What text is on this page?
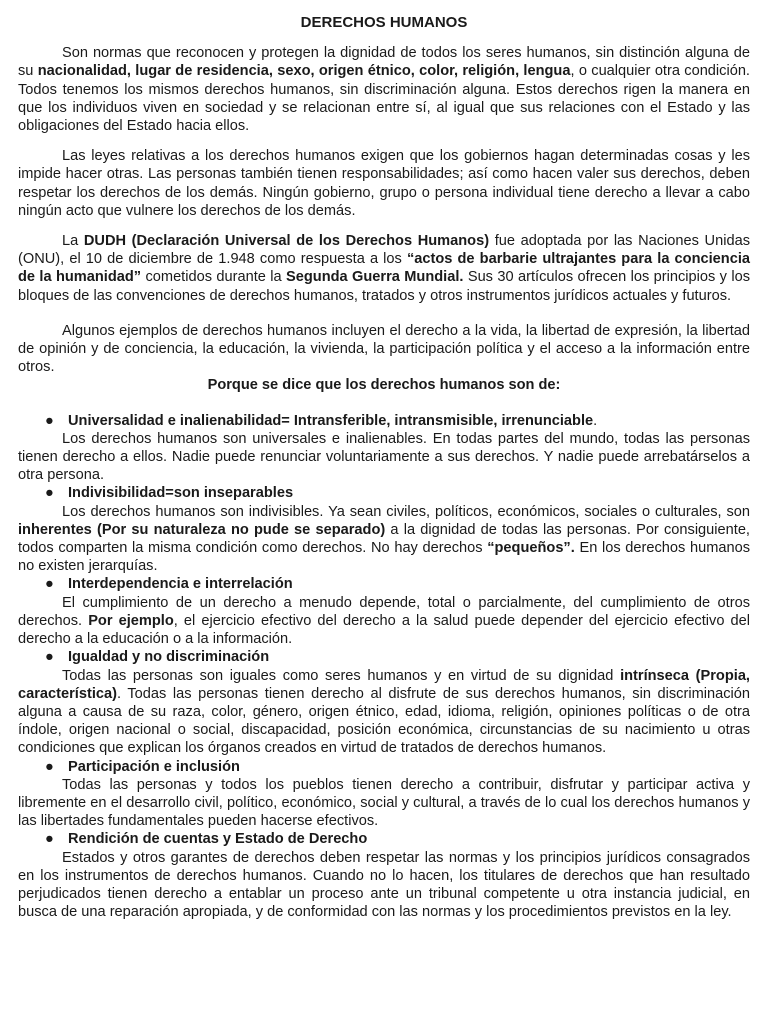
DERECHOS HUMANOS

Son normas que reconocen y protegen la dignidad de todos los seres humanos, sin distinción alguna de su nacionalidad, lugar de residencia, sexo, origen étnico, color, religión, lengua, o cualquier otra condición. Todos tenemos los mismos derechos humanos, sin discriminación alguna. Estos derechos rigen la manera en que los individuos viven en sociedad y se relacionan entre sí, al igual que sus relaciones con el Estado y las obligaciones del Estado hacia ellos.

Las leyes relativas a los derechos humanos exigen que los gobiernos hagan determinadas cosas y les impide hacer otras. Las personas también tienen responsabilidades; así como hacen valer sus derechos, deben respetar los derechos de los demás. Ningún gobierno, grupo o persona individual tiene derecho a llevar a cabo ningún acto que vulnere los derechos de los demás.

La DUDH (Declaración Universal de los Derechos Humanos) fue adoptada por las Naciones Unidas (ONU), el 10 de diciembre de 1.948 como respuesta a los “actos de barbarie ultrajantes para la conciencia de la humanidad” cometidos durante la Segunda Guerra Mundial. Sus 30 artículos ofrecen los principios y los bloques de las convenciones de derechos humanos, tratados y otros instrumentos jurídicos actuales y futuros.

Algunos ejemplos de derechos humanos incluyen el derecho a la vida, la libertad de expresión, la libertad de opinión y de conciencia, la educación, la vivienda, la participación política y el acceso a la información entre otros.

Porque se dice que los derechos humanos son de:
● Universalidad e inalienabilidad= Intransferible, intransmisible, irrenunciable.

Los derechos humanos son universales e inalienables. En todas partes del mundo, todas las personas tienen derecho a ellos. Nadie puede renunciar voluntariamente a sus derechos. Y nadie puede arrebatárselos a otra persona.

● Indivisibilidad=son inseparables

Los derechos humanos son indivisibles. Ya sean civiles, políticos, económicos, sociales o culturales, son inherentes (Por su naturaleza no pude se separado) a la dignidad de todas las personas. Por consiguiente, todos comparten la misma condición como derechos. No hay derechos “pequeños”. En los derechos humanos no existen jerarquías.

● Interdependencia e interrelación

El cumplimiento de un derecho a menudo depende, total o parcialmente, del cumplimiento de otros derechos. Por ejemplo, el ejercicio efectivo del derecho a la salud puede depender del ejercicio efectivo del derecho a la educación o a la información.

● Igualdad y no discriminación

Todas las personas son iguales como seres humanos y en virtud de su dignidad intrínseca (Propia, característica). Todas las personas tienen derecho al disfrute de sus derechos humanos, sin discriminación alguna a causa de su raza, color, género, origen étnico, edad, idioma, religión, opiniones políticas o de otra índole, origen nacional o social, discapacidad, posición económica, circunstancias de su nacimiento u otras condiciones que explican los órganos creados en virtud de tratados de derechos humanos.

● Participación e inclusión

Todas las personas y todos los pueblos tienen derecho a contribuir, disfrutar y participar activa y libremente en el desarrollo civil, político, económico, social y cultural, a través de lo cual los derechos humanos y las libertades fundamentales pueden hacerse efectivos.

● Rendición de cuentas y Estado de Derecho

Estados y otros garantes de derechos deben respetar las normas y los principios jurídicos consagrados en los instrumentos de derechos humanos. Cuando no lo hacen, los titulares de derechos que han resultado perjudicados tienen derecho a entablar un proceso ante un tribunal competente u otra instancia judicial, en busca de una reparación apropiada, y de conformidad con las normas y los procedimientos previstos en la ley.
